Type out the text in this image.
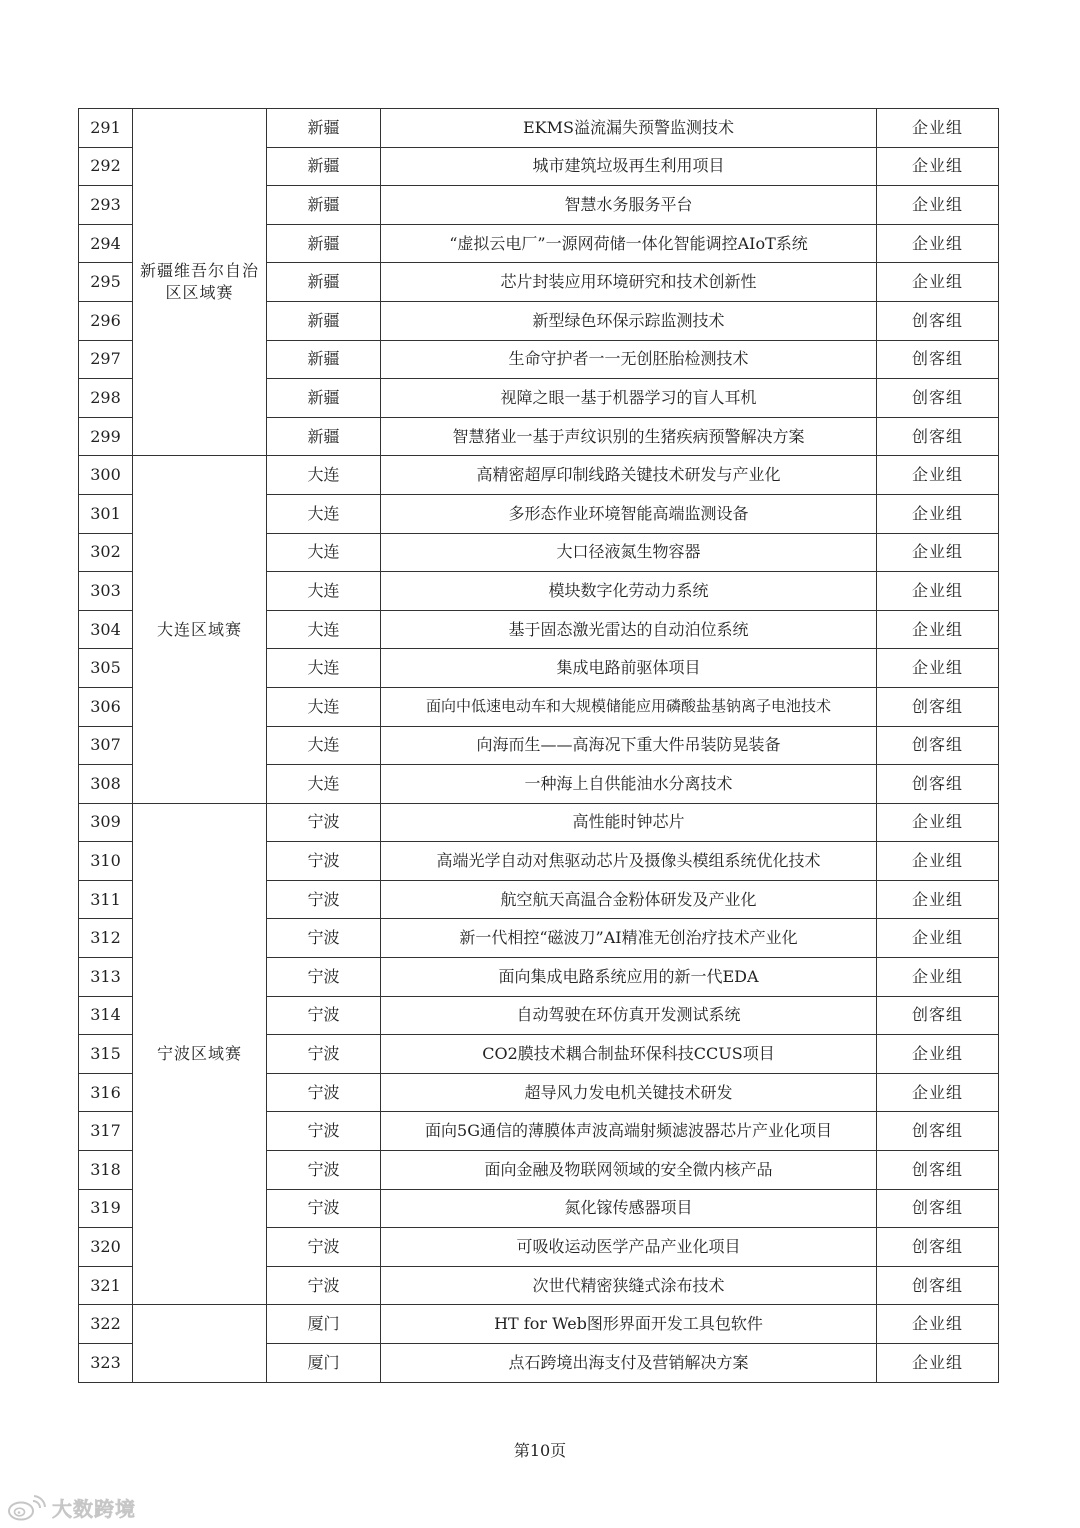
291	新疆维吾尔自治区区域赛	新疆	EKMS溢流漏失预警监测技术	企业组
292		新疆	城市建筑垃圾再生利用项目	企业组
293		新疆	智慧水务服务平台	企业组
294		新疆	“虚拟云电厂”一源网荷储一体化智能调控AIoT系统	企业组
295		新疆	芯片封装应用环境研究和技术创新性	企业组
296		新疆	新型绿色环保示踪监测技术	创客组
297		新疆	生命守护者一一无创胚胎检测技术	创客组
298		新疆	视障之眼一基于机器学习的盲人耳机	创客组
299		新疆	智慧猪业一基于声纹识别的生猪疾病预警解决方案	创客组
300	大连区域赛	大连	高精密超厚印制线路关键技术研发与产业化	企业组
301		大连	多形态作业环境智能高端监测设备	企业组
302		大连	大口径液氮生物容器	企业组
303		大连	模块数字化劳动力系统	企业组
304		大连	基于固态激光雷达的自动泊位系统	企业组
305		大连	集成电路前驱体项目	企业组
306		大连	面向中低速电动车和大规模储能应用磷酸盐基钠离子电池技术	创客组
307		大连	向海而生——高海况下重大件吊装防晃装备	创客组
308		大连	一种海上自供能油水分离技术	创客组
309	宁波区域赛	宁波	高性能时钟芯片	企业组
310		宁波	高端光学自动对焦驱动芯片及摄像头模组系统优化技术	企业组
311		宁波	航空航天高温合金粉体研发及产业化	企业组
312		宁波	新一代相控“磁波刀”AI精准无创治疗技术产业化	企业组
313		宁波	面向集成电路系统应用的新一代EDA	企业组
314		宁波	自动驾驶在环仿真开发测试系统	创客组
315		宁波	CO2膜技术耦合制盐环保科技CCUS项目	企业组
316		宁波	超导风力发电机关键技术研发	企业组
317		宁波	面向5G通信的薄膜体声波高端射频滤波器芯片产业化项目	创客组
318		宁波	面向金融及物联网领域的安全微内核产品	创客组
319		宁波	氮化镓传感器项目	创客组
320		宁波	可吸收运动医学产品产业化项目	创客组
321		宁波	次世代精密狭缝式涂布技术	创客组
322		厦门	HT for Web图形界面开发工具包软件	企业组
323		厦门	点石跨境出海支付及营销解决方案	企业组
第10页
大数跨境
